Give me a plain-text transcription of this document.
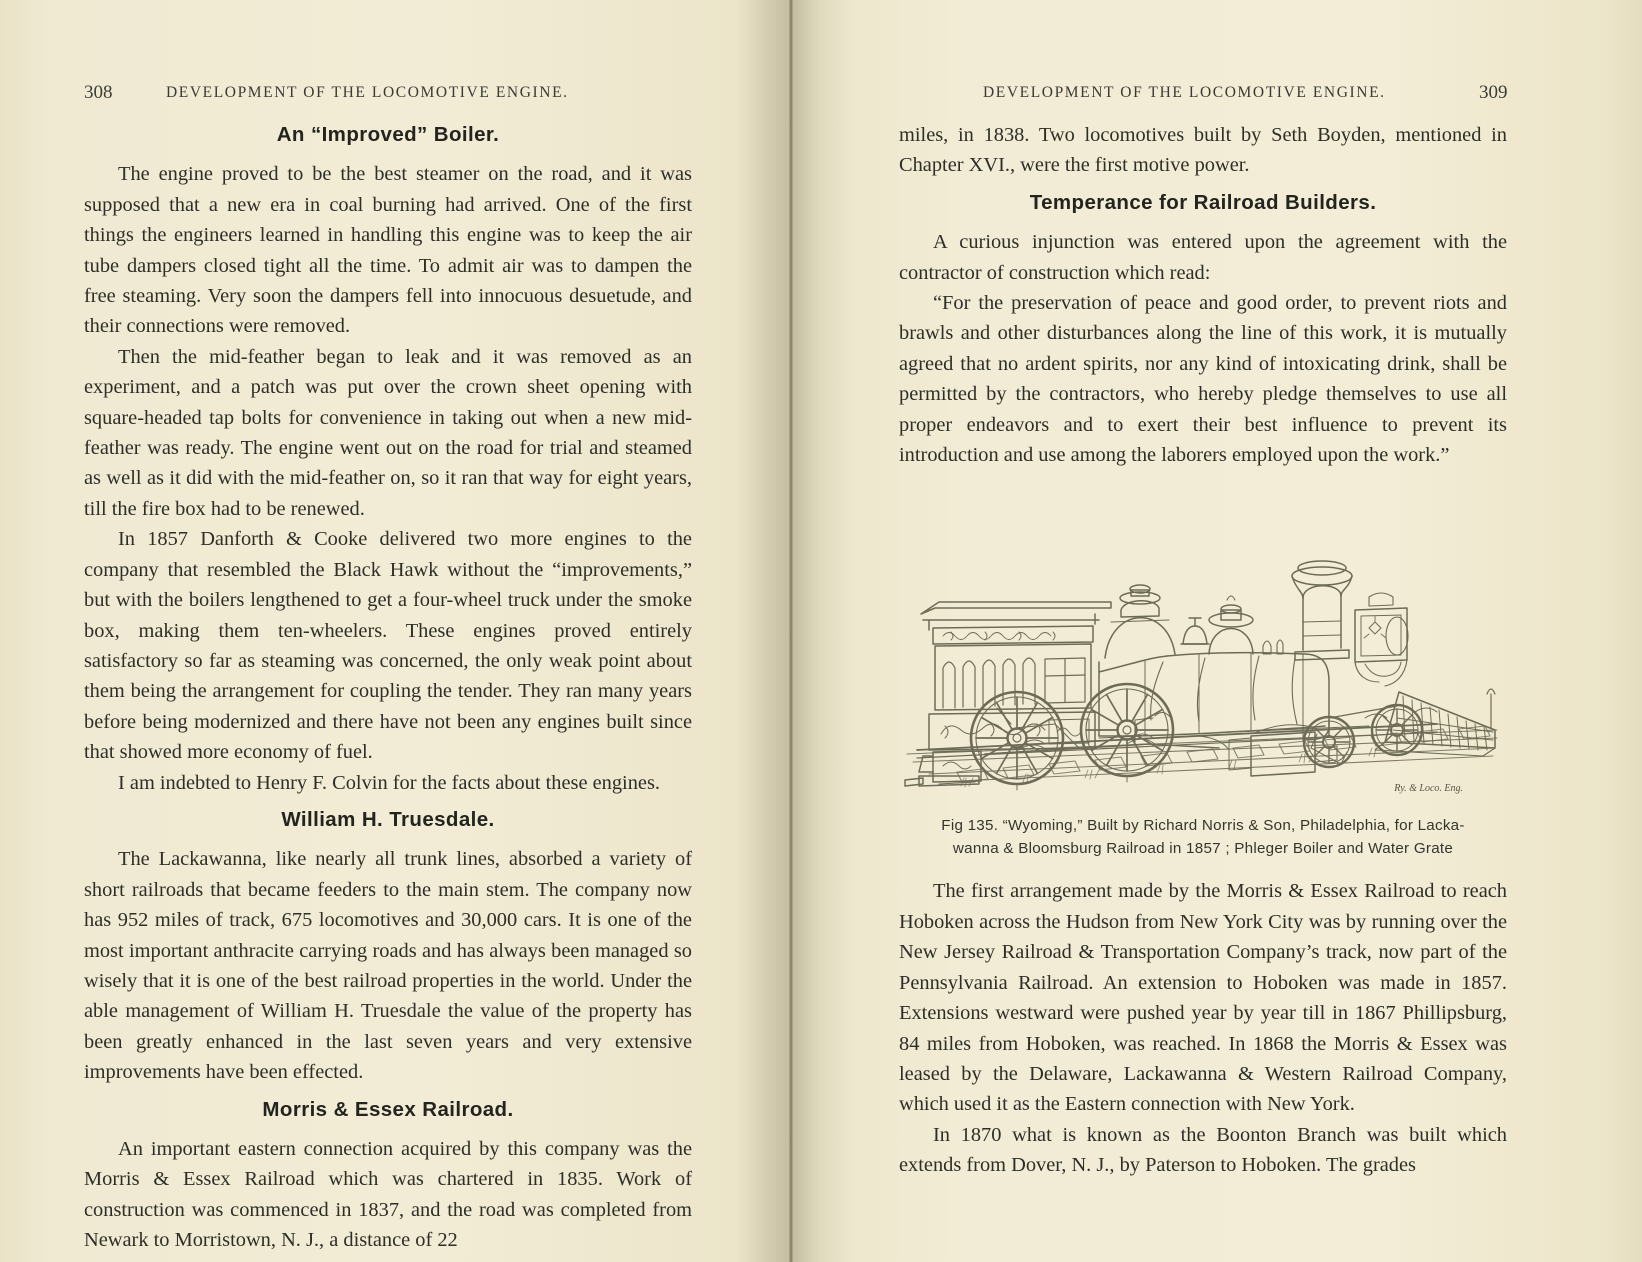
308	DEVELOPMENT OF THE LOCOMOTIVE ENGINE.
An “Improved” Boiler.

The engine proved to be the best steamer on the road, and it was supposed that a new era in coal burning had arrived. One of the first things the engineers learned in handling this engine was to keep the air tube dampers closed tight all the time. To admit air was to dampen the free steaming. Very soon the dampers fell into innocuous desuetude, and their connections were removed.

Then the mid-feather began to leak and it was removed as an experiment, and a patch was put over the crown sheet opening with square-headed tap bolts for convenience in taking out when a new mid-feather was ready. The engine went out on the road for trial and steamed as well as it did with the mid-feather on, so it ran that way for eight years, till the fire box had to be renewed.

In 1857 Danforth & Cooke delivered two more engines to the company that resembled the Black Hawk without the “improvements,” but with the boilers lengthened to get a four-wheel truck under the smoke box, making them ten-wheelers. These engines proved entirely satisfactory so far as steaming was concerned, the only weak point about them being the arrangement for coupling the tender. They ran many years before being modernized and there have not been any engines built since that showed more economy of fuel.

I am indebted to Henry F. Colvin for the facts about these engines.

William H. Truesdale.

The Lackawanna, like nearly all trunk lines, absorbed a variety of short railroads that became feeders to the main stem. The company now has 952 miles of track, 675 locomotives and 30,000 cars. It is one of the most important anthracite carrying roads and has always been managed so wisely that it is one of the best railroad properties in the world. Under the able management of William H. Truesdale the value of the property has been greatly enhanced in the last seven years and very extensive improvements have been effected.

Morris & Essex Railroad.

An important eastern connection acquired by this company was the Morris & Essex Railroad which was chartered in 1835. Work of construction was commenced in 1837, and the road was completed from Newark to Morristown, N. J., a distance of 22

DEVELOPMENT OF THE LOCOMOTIVE ENGINE.	309

miles, in 1838. Two locomotives built by Seth Boyden, mentioned in Chapter XVI., were the first motive power.

Temperance for Railroad Builders.

A curious injunction was entered upon the agreement with the contractor of construction which read:

“For the preservation of peace and good order, to prevent riots and brawls and other disturbances along the line of this work, it is mutually agreed that no ardent spirits, nor any kind of intoxicating drink, shall be permitted by the contractors, who hereby pledge themselves to use all proper endeavors and to exert their best influence to prevent its introduction and use among the laborers employed upon the work.”

Ry. & Loco. Eng.
Fig 135. “Wyoming,” Built by Richard Norris & Son, Philadelphia, for Lacka-
wanna & Bloomsburg Railroad in 1857 ; Phleger Boiler and Water Grate

The first arrangement made by the Morris & Essex Railroad to reach Hoboken across the Hudson from New York City was by running over the New Jersey Railroad & Transportation Company’s track, now part of the Pennsylvania Railroad. An extension to Hoboken was made in 1857. Extensions westward were pushed year by year till in 1867 Phillipsburg, 84 miles from Hoboken, was reached. In 1868 the Morris & Essex was leased by the Delaware, Lackawanna & Western Railroad Company, which used it as the Eastern connection with New York.

In 1870 what is known as the Boonton Branch was built which extends from Dover, N. J., by Paterson to Hoboken. The grades
